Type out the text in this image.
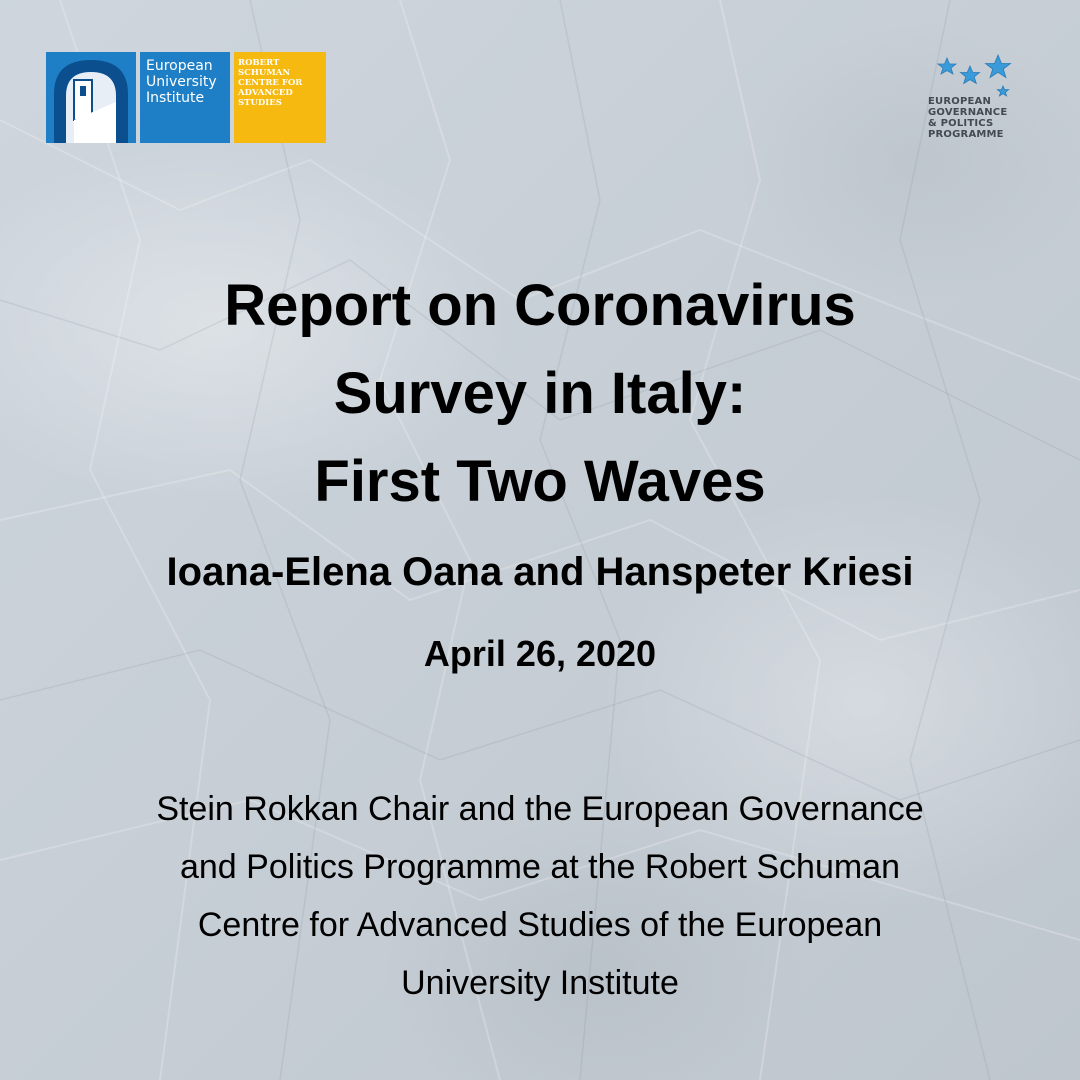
European
University
Institute
ROBERT
SCHUMAN
CENTRE FOR
ADVANCED
STUDIES	EUROPEAN
GOVERNANCE
& POLITICS
PROGRAMME
Report on Coronavirus
Survey in Italy:
First Two Waves
Ioana-Elena Oana and Hanspeter Kriesi
April 26, 2020
Stein Rokkan Chair and the European Governance
and Politics Programme at the Robert Schuman
Centre for Advanced Studies of the European
University Institute
